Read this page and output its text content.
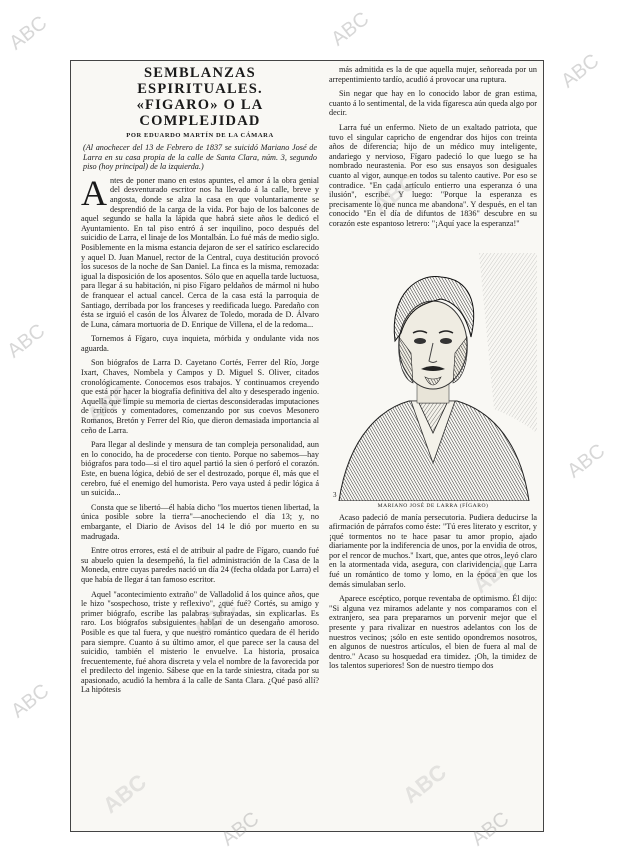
SEMBLANZAS ESPIRITUALES.
«FIGARO» O LA COMPLEJIDAD
POR EDUARDO MARTÍN DE LA CÁMARA

(Al anochecer del 13 de Febrero de 1837 se suicidó Mariano José de Larra en su casa propia de la calle de Santa Clara, núm. 3, segundo piso (hoy principal) de la izquierda.)

Antes de poner mano en estos apuntes, el amor á la obra genial del desventurado escritor nos ha llevado á la calle, breve y angosta, donde se alza la casa en que voluntariamente se desprendió de la carga de la vida. Por bajo de los balcones de aquel segundo se halla la lápida que habrá siete años le dedicó el Ayuntamiento. En tal piso entró á ser inquilino, poco después del suicidio de Larra, el linaje de los Montalbán. Lo fué más de medio siglo. Posiblemente en la misma estancia dejaron de ser el satírico esclarecido y aquel D. Juan Manuel, rector de la Central, cuya destitución provocó los sucesos de la noche de San Daniel. La finca es la misma, remozada: igual la disposición de los aposentos. Sólo que en aquella tarde luctuosa, para llegar á su habitación, ni piso Fígaro peldaños de mármol ni hubo de franquear el actual cancel. Cerca de la casa está la parroquia de Santiago, derribada por los franceses y reedificada luego. Paredaño con ésta se irguió el casón de los Álvarez de Toledo, morada de D. Álvaro de Luna, cámara mortuoria de D. Enrique de Villena, el de la redoma...

Tornemos á Fígaro, cuya inquieta, mórbida y ondulante vida nos aguarda.

Son biógrafos de Larra D. Cayetano Cortés, Ferrer del Río, Jorge Ixart, Chaves, Nombela y Campos y D. Miguel S. Oliver, citados cronológicamente. Conocemos esos trabajos. Y continuamos creyendo que está por hacer la biografía definitiva del alto y desesperado ingenio. Aquella que limpie su memoria de ciertas desconsideradas imputaciones de críticos y comentadores, comenzando por sus coevos Mesonero Romanos, Bretón y Ferrer del Río, que dieron demasiada importancia al ceño de Larra.

Para llegar al deslinde y mensura de tan compleja personalidad, aun en lo conocido, ha de procederse con tiento. Porque no sabemos—hay biógrafos para todo—si el tiro aquel partió la sien ó perforó el corazón. Este, en buena lógica, debió de ser el destrozado, porque él, más que el cerebro, fué el enemigo del humorista. Pero vaya usted á pedir lógica á un suicida...

Consta que se libertó—él había dicho "los muertos tienen libertad, la única posible sobre la tierra"—anocheciendo el día 13; y, no embargante, el Diario de Avisos del 14 le dió por muerto en su madrugada.

Entre otros errores, está el de atribuir al padre de Fígaro, cuando fué su abuelo quien la desempeñó, la fiel administración de la Casa de la Moneda, entre cuyas paredes nació un día 24 (fecha oldada por Larra) el que había de llegar á tan famoso escritor.

Aquel "acontecimiento extraño" de Valladolid á los quince años, que le hizo "sospechoso, triste y reflexivo", ¿qué fué? Cortés, su amigo y primer biógrafo, escribe las palabras subrayadas, sin explicarlas. Es raro. Los biógrafos subsiguientes hablan de un desengaño amoroso. Posible es que tal fuera, y que nuestro romántico quedara de él herido para siempre. Cuanto á su último amor, el que parece ser la causa del suicidio, también el misterio le envuelve. La historia, prosaica frecuentemente, fué ahora discreta y vela el nombre de la favorecida por el predilecto del ingenio. Sábese que en la tarde siniestra, citada por su apasionado, acudió la hembra á la calle de Santa Clara. ¿Qué pasó allí? La hipótesis

más admitida es la de que aquella mujer, señoreada por un arrepentimiento tardío, acudió á provocar una ruptura.

Sin negar que hay en lo conocido labor de gran estima, cuanto á lo sentimental, de la vida fígaresca aún queda algo por decir.

Larra fué un enfermo. Nieto de un exaltado patriota, que tuvo el singular capricho de engendrar dos hijos con treinta años de diferencia; hijo de un médico muy inteligente, andariego y nervioso, Fígaro padeció lo que luego se ha nombrado neurastenia. Por eso sus ensayos son desiguales cuanto al vigor, aunque en todos su talento cautive. Por eso se contradice. "En cada artículo entierro una esperanza ó una ilusión", escribe. Y luego: "Porque la esperanza es precisamente lo que nunca me abandona". Y después, en el tan conocido "En el día de difuntos de 1836" descubre en su corazón este espantoso letrero: "¡Aquí yace la esperanza!"

3
MARIANO JOSÉ DE LARRA (FÍGARO)

Acaso padeció de manía persecutoria. Pudiera deducirse la afirmación de párrafos como éste: "Tú eres literato y escritor, y ¡qué tormentos no te hace pasar tu amor propio, ajado diariamente por la indiferencia de unos, por la envidia de otros, por el rencor de muchos." Ixart, que, antes que otros, leyó claro en la atormentada vida, asegura, con clarividencia, que Larra fué un romántico de tomo y lomo, en la época en que los demás simulaban serlo.

Aparece escéptico, porque reventaba de optimismo. Él dijo: "Si alguna vez miramos adelante y nos comparamos con el extranjero, sea para prepararnos un porvenir mejor que el presente y para rivalizar en nuestros adelantos con los de nuestros vecinos; ¡sólo en este sentido opondremos nosotros, en algunos de nuestros artículos, el bien de fuera al mal de dentro." Acaso su hosquedad era timidez. ¡Oh, la timidez de los talentos superiores! Son de nuestro tiempo dos

ABC
ABC
ABC
ABC
ABC
ABC
ABC	ABC
ABC
ABC
ABC
ABC
ABC	ABC
